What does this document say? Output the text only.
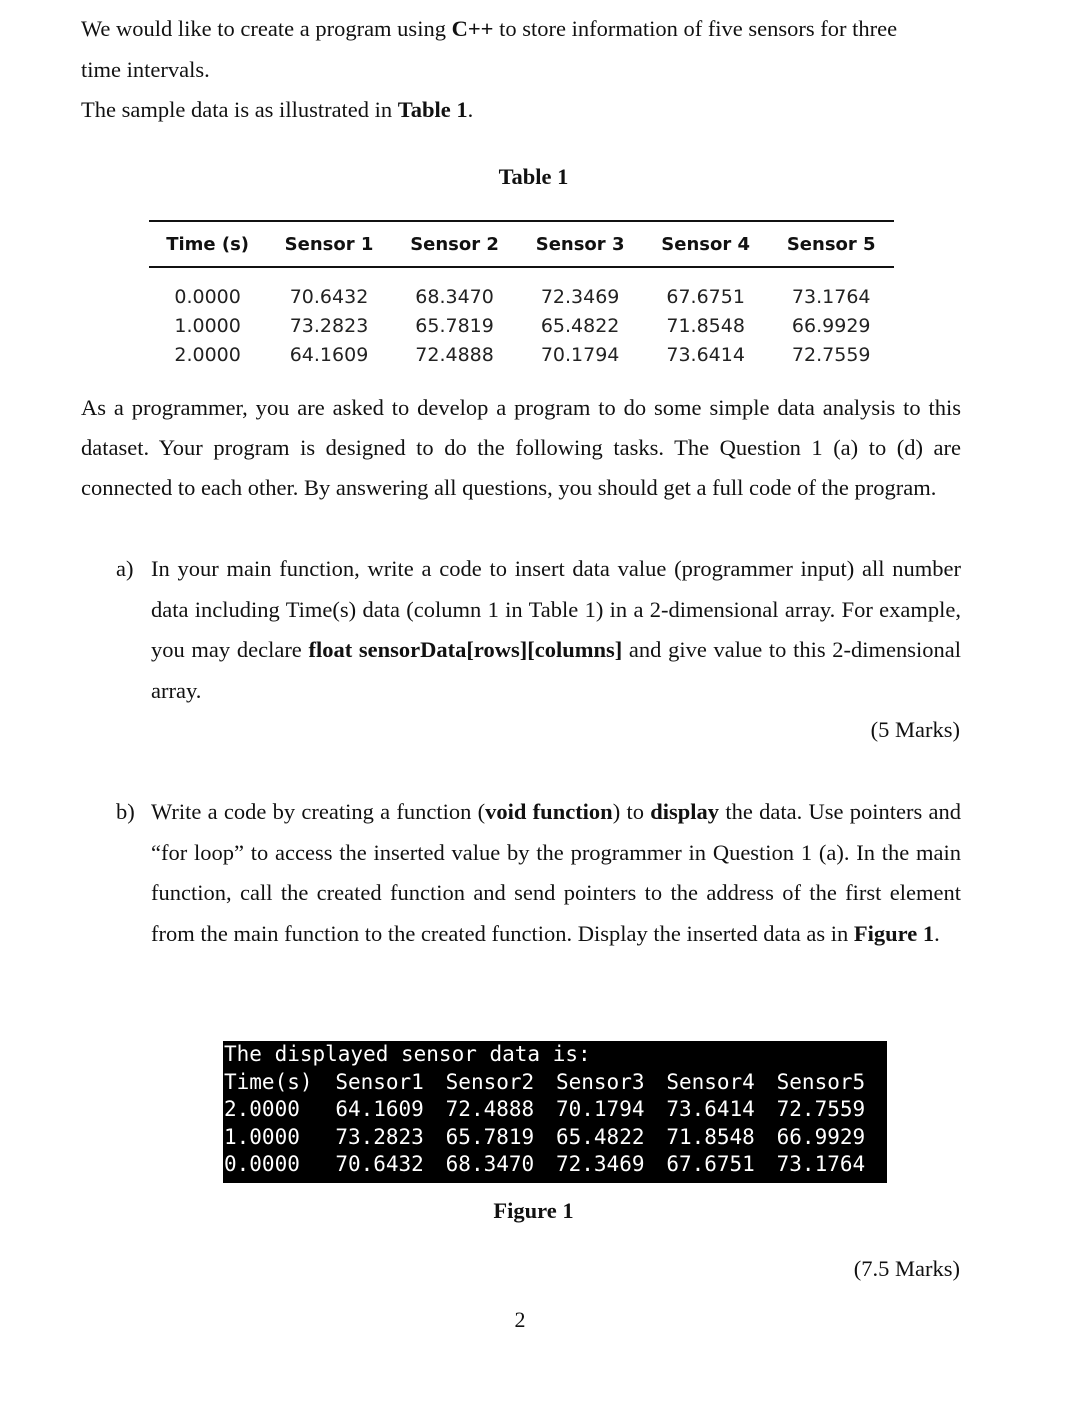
We would like to create a program using C++ to store information of five sensors for three
time intervals.
The sample data is as illustrated in Table 1.
Table 1
Time (s)	Sensor 1	Sensor 2	Sensor 3	Sensor 4	Sensor 5
0.0000	70.6432	68.3470	72.3469	67.6751	73.1764
1.0000	73.2823	65.7819	65.4822	71.8548	66.9929
2.0000	64.1609	72.4888	70.1794	73.6414	72.7559
As a programmer, you are asked to develop a program to do some simple data analysis to this dataset. Your program is designed to do the following tasks. The Question 1 (a) to (d) are connected to each other. By answering all questions, you should get a full code of the program.
a) In your main function, write a code to insert data value (programmer input) all number data including Time(s) data (column 1 in Table 1) in a 2-dimensional array. For example, you may declare float sensorData[rows][columns] and give value to this 2-dimensional array.
(5 Marks)
b) Write a code by creating a function (void function) to display the data. Use pointers and “for loop” to access the inserted value by the programmer in Question 1 (a). In the main function, call the created function and send pointers to the address of the first element from the main function to the created function. Display the inserted data as in Figure 1.
The displayed sensor data is:
Time(s)	Sensor1	Sensor2	Sensor3	Sensor4	Sensor5
2.0000	64.1609	72.4888	70.1794	73.6414	72.7559
1.0000	73.2823	65.7819	65.4822	71.8548	66.9929
0.0000	70.6432	68.3470	72.3469	67.6751	73.1764
Figure 1
(7.5 Marks)
2
